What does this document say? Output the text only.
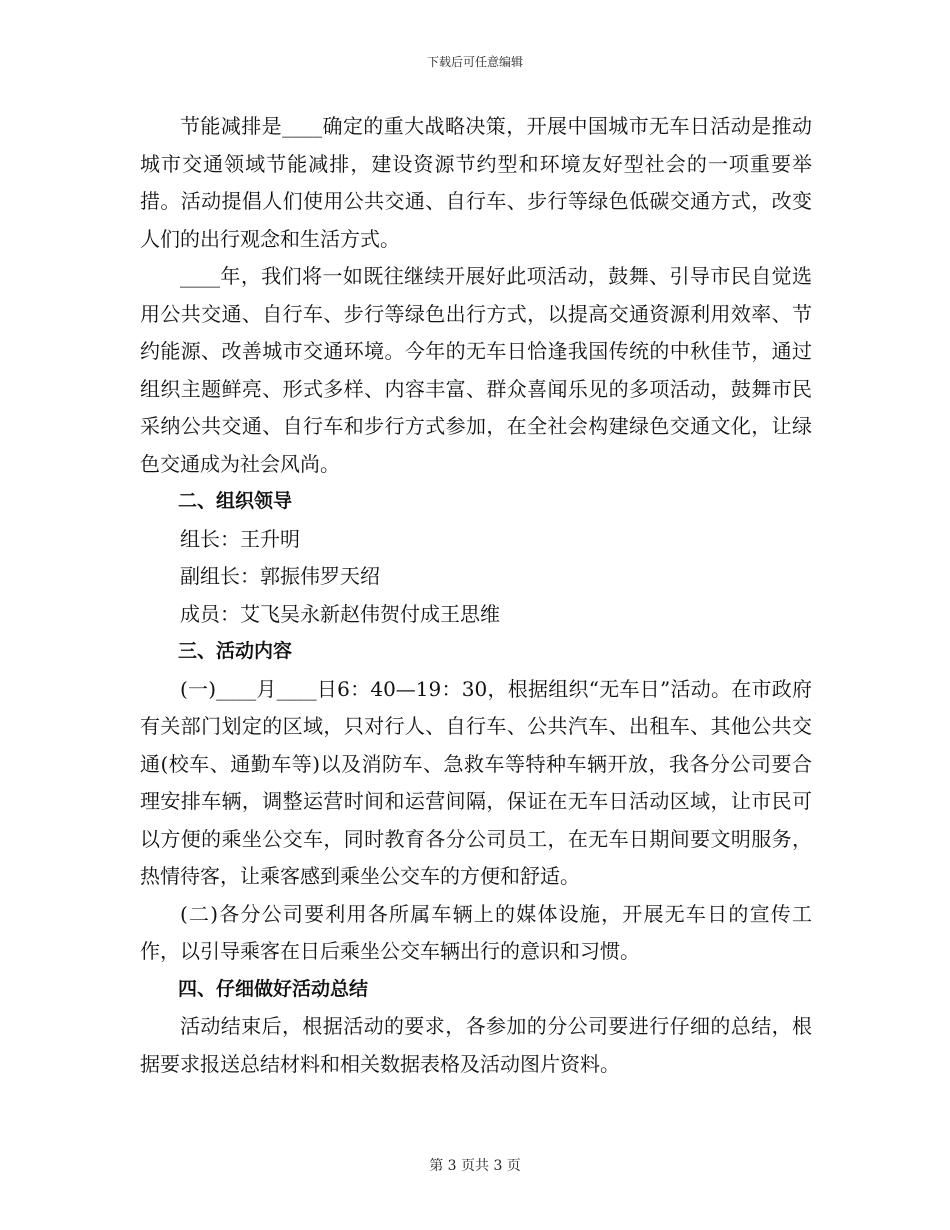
下载后可任意编辑

节能减排是____确定的重大战略决策，开展中国城市无车日活动是推动城市交通领域节能减排，建设资源节约型和环境友好型社会的一项重要举措。活动提倡人们使用公共交通、自行车、步行等绿色低碳交通方式，改变人们的出行观念和生活方式。

____年，我们将一如既往继续开展好此项活动，鼓舞、引导市民自觉选用公共交通、自行车、步行等绿色出行方式，以提高交通资源利用效率、节约能源、改善城市交通环境。今年的无车日恰逢我国传统的中秋佳节，通过组织主题鲜亮、形式多样、内容丰富、群众喜闻乐见的多项活动，鼓舞市民采纳公共交通、自行车和步行方式参加，在全社会构建绿色交通文化，让绿色交通成为社会风尚。

二、组织领导

组长：王升明

副组长：郭振伟罗天绍

成员：艾飞吴永新赵伟贺付成王思维

三、活动内容

(一)____月____日6：40—19：30，根据组织“无车日”活动。在市政府有关部门划定的区域，只对行人、自行车、公共汽车、出租车、其他公共交通(校车、通勤车等)以及消防车、急救车等特种车辆开放，我各分公司要合理安排车辆，调整运营时间和运营间隔，保证在无车日活动区域，让市民可以方便的乘坐公交车，同时教育各分公司员工，在无车日期间要文明服务，热情待客，让乘客感到乘坐公交车的方便和舒适。

(二)各分公司要利用各所属车辆上的媒体设施，开展无车日的宣传工作，以引导乘客在日后乘坐公交车辆出行的意识和习惯。

四、仔细做好活动总结

活动结束后，根据活动的要求，各参加的分公司要进行仔细的总结，根据要求报送总结材料和相关数据表格及活动图片资料。

第 3 页共 3 页
